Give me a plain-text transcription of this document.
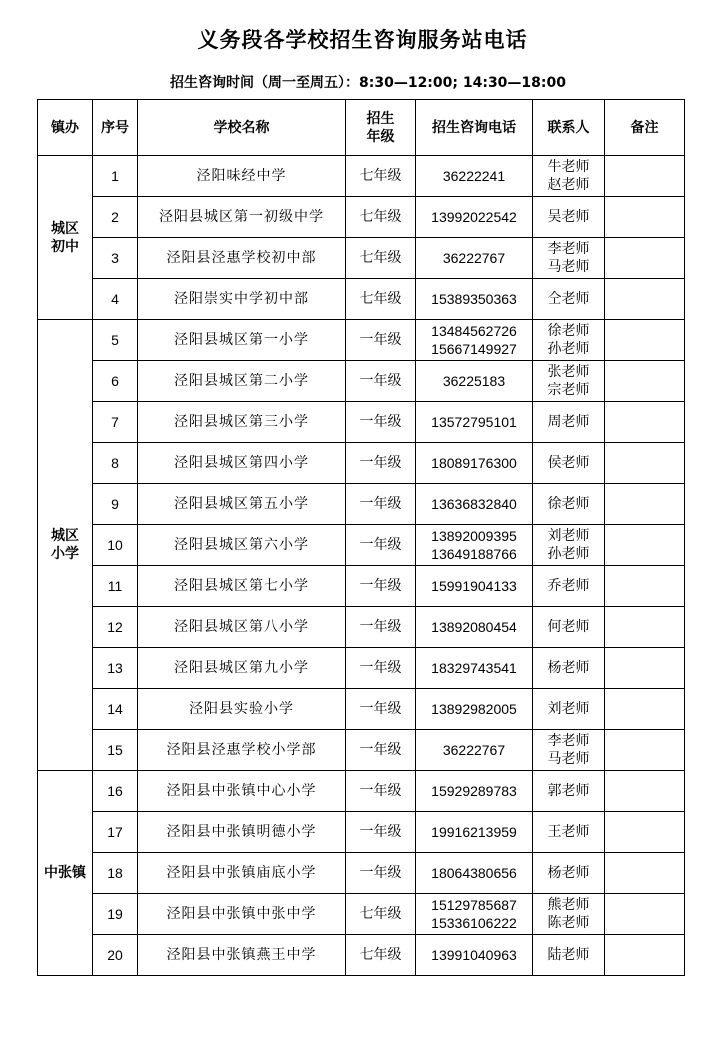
义务段各学校招生咨询服务站电话
招生咨询时间（周一至周五）：8:30—12:00; 14:30—18:00
镇办	序号	学校名称	招生
年级	招生咨询电话	联系人	备注

城区
初中	1	泾阳味经中学	七年级	36222241	牛老师
赵老师	

	2	泾阳县城区第一初级中学	七年级	13992022542	吴老师	

	3	泾阳县泾惠学校初中部	七年级	36222767	李老师
马老师	

	4	泾阳崇实中学初中部	七年级	15389350363	仝老师	

城区
小学	5	泾阳县城区第一小学	一年级	13484562726
15667149927	徐老师
孙老师	

	6	泾阳县城区第二小学	一年级	36225183	张老师
宗老师	

	7	泾阳县城区第三小学	一年级	13572795101	周老师	

	8	泾阳县城区第四小学	一年级	18089176300	侯老师	

	9	泾阳县城区第五小学	一年级	13636832840	徐老师	

	10	泾阳县城区第六小学	一年级	13892009395
13649188766	刘老师
孙老师	

	11	泾阳县城区第七小学	一年级	15991904133	乔老师	

	12	泾阳县城区第八小学	一年级	13892080454	何老师	

	13	泾阳县城区第九小学	一年级	18329743541	杨老师	

	14	泾阳县实验小学	一年级	13892982005	刘老师	

	15	泾阳县泾惠学校小学部	一年级	36222767	李老师
马老师	

中张镇	16	泾阳县中张镇中心小学	一年级	15929289783	郭老师	

	17	泾阳县中张镇明德小学	一年级	19916213959	王老师	

	18	泾阳县中张镇庙底小学	一年级	18064380656	杨老师	

	19	泾阳县中张镇中张中学	七年级	15129785687
15336106222	熊老师
陈老师	

	20	泾阳县中张镇燕王中学	七年级	13991040963	陆老师	
